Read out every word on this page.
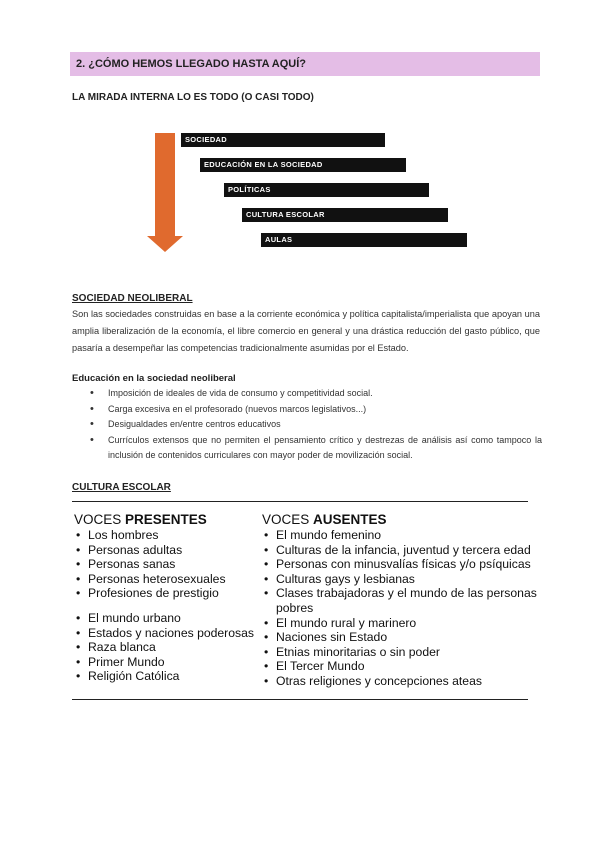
2. ¿CÓMO HEMOS LLEGADO HASTA AQUÍ?
LA MIRADA INTERNA LO ES TODO (O CASI TODO)
SOCIEDAD
EDUCACIÓN EN LA SOCIEDAD
POLÍTICAS
CULTURA ESCOLAR
AULAS
SOCIEDAD NEOLIBERAL
Son las sociedades construidas en base a la corriente económica y política capitalista/imperialista que apoyan una amplia liberalización de la economía, el libre comercio en general y una drástica reducción del gasto público, que pasaría a desempeñar las competencias tradicionalmente asumidas por el Estado.
Educación en la sociedad neoliberal
• Imposición de ideales de vida de consumo y competitividad social.
• Carga excesiva en el profesorado (nuevos marcos legislativos...)
• Desigualdades en/entre centros educativos
• Currículos extensos que no permiten el pensamiento crítico y destrezas de análisis así como tampoco la inclusión de contenidos curriculares con mayor poder de movilización social.
CULTURA ESCOLAR
VOCES PRESENTES
• Los hombres
• Personas adultas
• Personas sanas
• Personas heterosexuales
• Profesiones de prestigio
• El mundo urbano
• Estados y naciones poderosas
• Raza blanca
• Primer Mundo
• Religión Católica
VOCES AUSENTES
• El mundo femenino
• Culturas de la infancia, juventud y tercera edad
• Personas con minusvalías físicas y/o psíquicas
• Culturas gays y lesbianas
• Clases trabajadoras y el mundo de las personas pobres
• El mundo rural y marinero
• Naciones sin Estado
• Etnias minoritarias o sin poder
• El Tercer Mundo
• Otras religiones y concepciones ateas
